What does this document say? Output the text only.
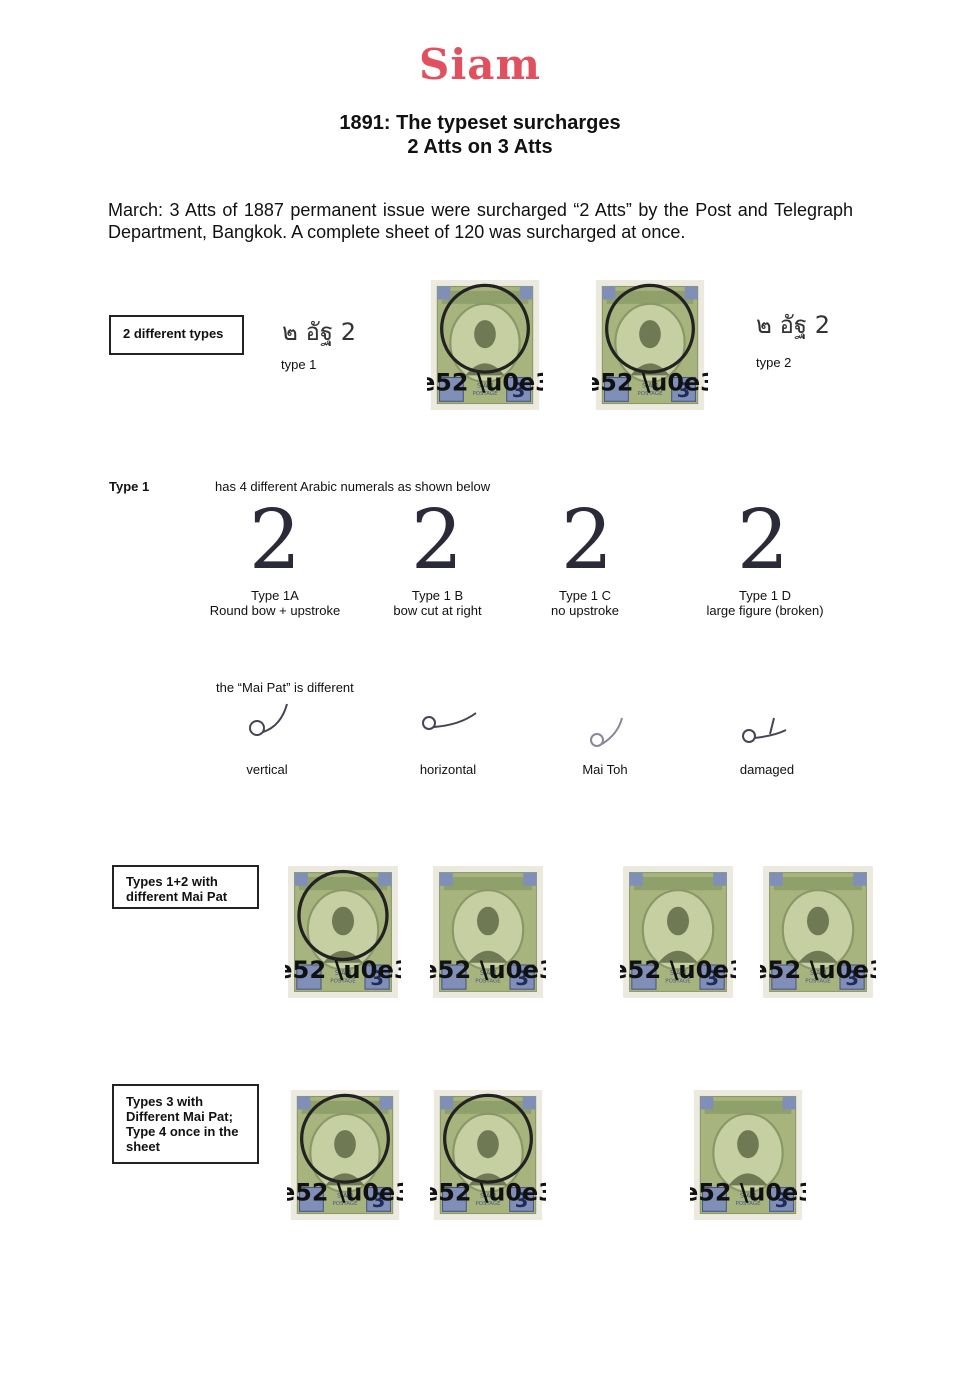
Siam
1891: The typeset surcharges
2 Atts on 3 Atts
March: 3 Atts of 1887 permanent issue were surcharged “2 Atts” by the Post and Telegraph Department, Bangkok. A complete sheet of 120 was surcharged at once.
2 different types	๒ อัฐ 2
type 1
๒ อัฐ 2
type 2
Type 1	has 4 different Arabic numerals as shown below
2 2 2 2
Type 1A
Round bow + upstroke
Type 1 B
bow cut at right
Type 1 C
no upstroke
Type 1 D
large figure (broken)
the “Mai Pat” is different
vertical	horizontal	Mai Toh	damaged
Types 1+2 with
different Mai Pat
Types 3 with
Different Mai Pat;
Type 4 once in the
sheet
